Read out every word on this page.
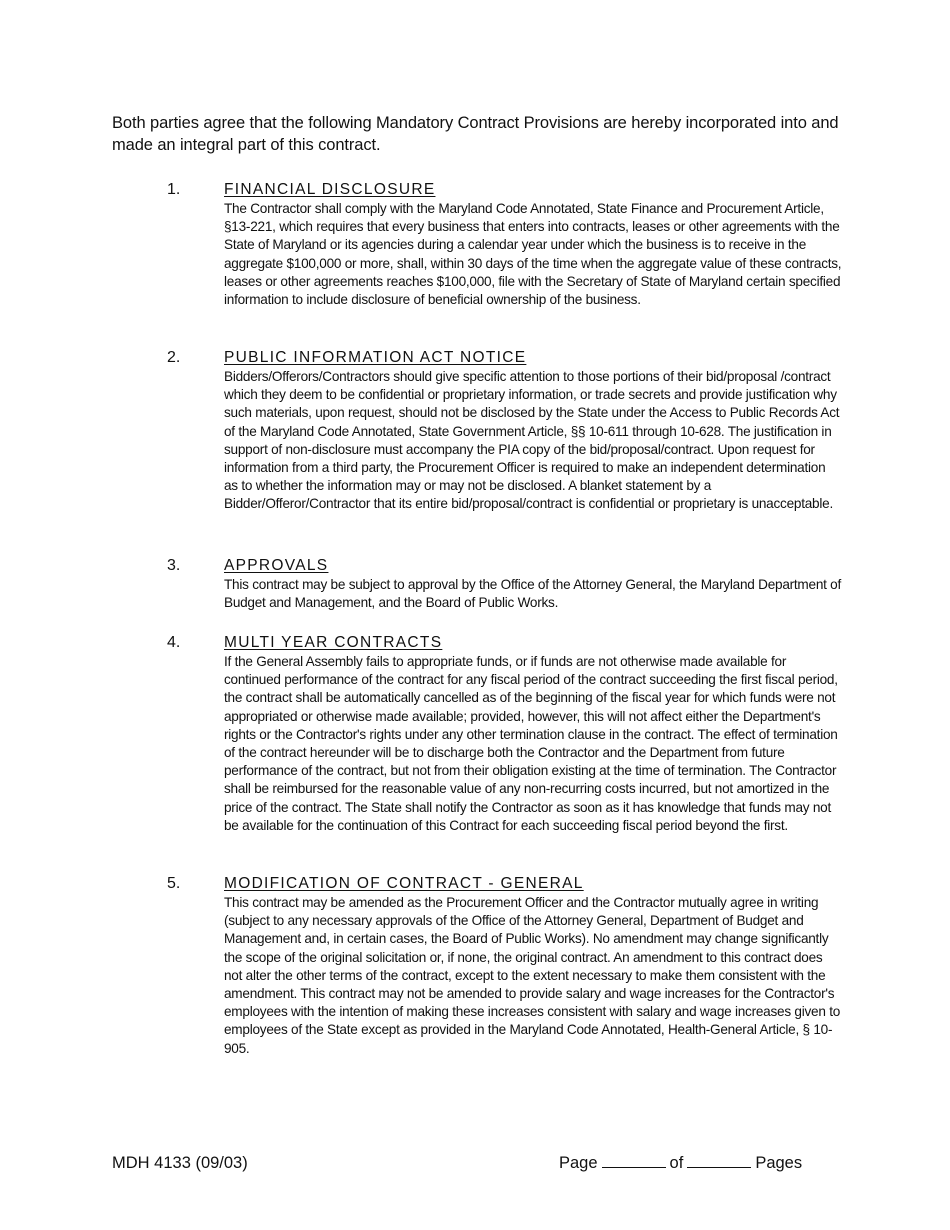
Both parties agree that the following Mandatory Contract Provisions are hereby incorporated into and made an integral part of this contract.
1.	FINANCIAL DISCLOSURE
The Contractor shall comply with the Maryland Code Annotated, State Finance and Procurement Article, §13-221, which requires that every business that enters into contracts, leases or other agreements with the State of Maryland or its agencies during a calendar year under which the business is to receive in the aggregate $100,000 or more, shall, within 30 days of the time when the aggregate value of these contracts, leases or other agreements reaches $100,000, file with the Secretary of State of Maryland certain specified information to include disclosure of beneficial ownership of the business.
2.	PUBLIC INFORMATION ACT NOTICE
Bidders/Offerors/Contractors should give specific attention to those portions of their bid/proposal /contract which they deem to be confidential or proprietary information, or trade secrets and provide justification why such materials, upon request, should not be disclosed by the State under the Access to Public Records Act of the Maryland Code Annotated, State Government Article, §§ 10-611 through 10-628. The justification in support of non-disclosure must accompany the PIA copy of the bid/proposal/contract. Upon request for information from a third party, the Procurement Officer is required to make an independent determination as to whether the information may or may not be disclosed. A blanket statement by a Bidder/Offeror/Contractor that its entire bid/proposal/contract is confidential or proprietary is unacceptable.
3.	APPROVALS
This contract may be subject to approval by the Office of the Attorney General, the Maryland Department of Budget and Management, and the Board of Public Works.
4.	MULTI YEAR CONTRACTS
If the General Assembly fails to appropriate funds, or if funds are not otherwise made available for continued performance of the contract for any fiscal period of the contract succeeding the first fiscal period, the contract shall be automatically cancelled as of the beginning of the fiscal year for which funds were not appropriated or otherwise made available; provided, however, this will not affect either the Department's rights or the Contractor's rights under any other termination clause in the contract. The effect of termination of the contract hereunder will be to discharge both the Contractor and the Department from future performance of the contract, but not from their obligation existing at the time of termination. The Contractor shall be reimbursed for the reasonable value of any non-recurring costs incurred, but not amortized in the price of the contract. The State shall notify the Contractor as soon as it has knowledge that funds may not be available for the continuation of this Contract for each succeeding fiscal period beyond the first.
5.	MODIFICATION OF CONTRACT - GENERAL
This contract may be amended as the Procurement Officer and the Contractor mutually agree in writing (subject to any necessary approvals of the Office of the Attorney General, Department of Budget and Management and, in certain cases, the Board of Public Works). No amendment may change significantly the scope of the original solicitation or, if none, the original contract. An amendment to this contract does not alter the other terms of the contract, except to the extent necessary to make them consistent with the amendment. This contract may not be amended to provide salary and wage increases for the Contractor's employees with the intention of making these increases consistent with salary and wage increases given to employees of the State except as provided in the Maryland Code Annotated, Health-General Article, § 10-905.
MDH 4133 (09/03)	Page	of	Pages
